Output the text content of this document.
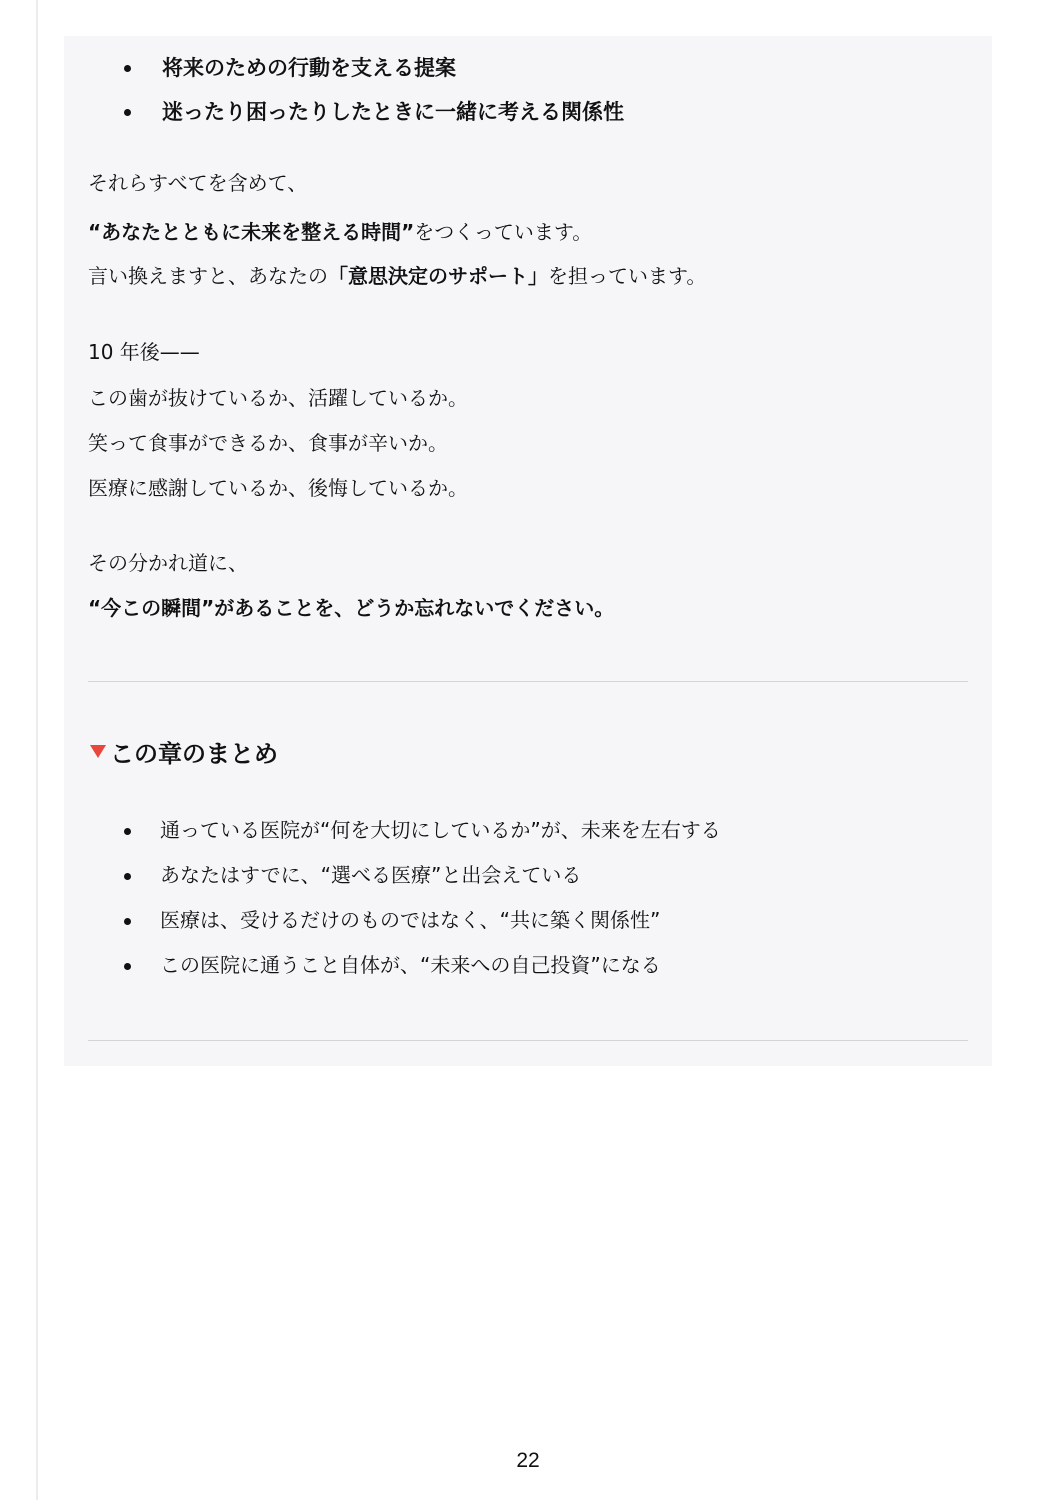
将来のための行動を支える提案
迷ったり困ったりしたときに一緒に考える関係性

それらすべてを含めて、

“あなたとともに未来を整える時間”をつくっています。

言い換えますと、あなたの「意思決定のサポート」を担っています。

10 年後——

この歯が抜けているか、活躍しているか。

笑って食事ができるか、食事が辛いか。

医療に感謝しているか、後悔しているか。

その分かれ道に、

“今この瞬間”があることを、どうか忘れないでください。

この章のまとめ
通っている医院が“何を大切にしているか”が、未来を左右する
あなたはすでに、“選べる医療”と出会えている
医療は、受けるだけのものではなく、“共に築く関係性”
この医院に通うこと自体が、“未来への自己投資”になる
22
